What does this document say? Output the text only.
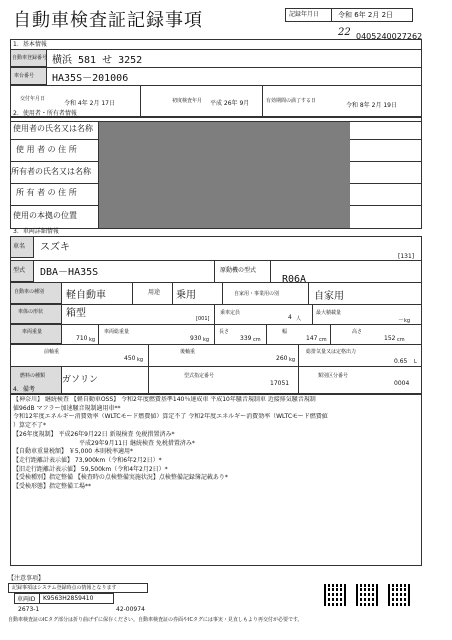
自動車検査証記録事項	記録年月日	令和 6年 2月 2日
22 0405240027262
1．基本情報
自動車登録番号 横浜 581 せ 3252
車台番号 HA35S－201006
交付年月日
令和 4年 2月 17日	初度検査年月 平成 26年 9月	有効期間の満了する日
令和 8年 2月 19日
2．使用者・所有者情報
使用者の氏名又は名称
使 用 者 の 住 所
所有者の氏名又は名称
所 有 者 の 住 所
使用の本拠の位置
3．車両詳細情報
車名 スズキ
[131]
型式 DBA－HA35S	原動機の型式
R06A
自動車の種別 軽自動車	用途 乗用	自家用・事業用の別	自家用
車体の形状 箱型	[001]
乗車定員
4 人
最大積載量
－ kg
車両重量
710 kg
車両総重量
930 kg
長さ
339 cm
幅
147 cm
高さ
152 cm
前軸重
450 kg
後軸重
260 kg
総排気量又は定格出力
0.65 L
燃料の種類 ガソリン	型式指定番号
17051
類別区分番号
0004
4．備考
【神奈川】 継続検査 【軽自動車OSS】 令和2年度燃費基準140％達成車 平成10年騒音規制車 近接排気騒音規制
値96dB マフラー加速騒音規制適用車**
令和12年度エネルギー消費効率（WLTCモード燃費値）算定不了 令和2年度エネルギー消費効率（WLTCモード燃費値
）算定不了*
【26年度規制】 平成26年9月22日 新規検査 免税措置済み*
平成29年9月11日 継続検査 免税措置済み*
【自動車重量税額】 ￥5,000 本則税率適用*
【走行距離計表示値】 73,900km（令和6年2月2日）*
【旧走行距離計表示値】 59,500km（令和4年2月2日）*
【受検種別】指定整備 【検査時の点検整備実施状況】点検整備記録簿記載あり*
【受検形態】指定整備工場**
【注意事項】
記録事項はシステム登録時点の情報となります
車両ID K9563H2859410
2673-1	42-00974
自動車検査証のICタグ部分は折り曲げずに保存ください。自動車検査証の券面やICタグには事実・見直しもより再交付が必要です。
